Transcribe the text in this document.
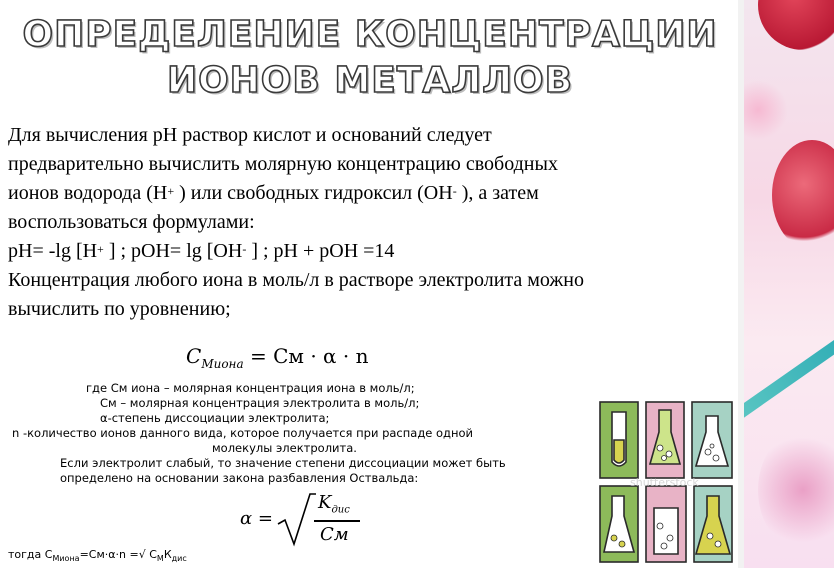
ОПРЕДЕЛЕНИЕ КОНЦЕНТРАЦИИ
ИОНОВ МЕТАЛЛОВ
Для вычисления pH раствор кислот и оснований следует
предварительно вычислить молярную концентрацию свободных
ионов водорода (H+ ) или свободных гидроксил (OH- ), а затем
воспользоваться формулами:
pH= -lg [H+ ] ; pOH= lg [OH- ] ; pH + pOH =14
Концентрация любого иона в моль/л в растворе электролита можно
вычислить по уровнению;
$C_{Миона}$ = См · α · n
где См иона – молярная концентрация иона в моль/л;
См – молярная концентрация электролита в моль/л;
α-степень диссоциации электролита;
n -количество ионов данного вида, которое получается при распаде одной
молекулы электролита.
Если электролит слабый, то значение степени диссоциации может быть
определено на основании закона разбавления Оствальда:
α =
$K_{дис}$
См
тогда $С_{Миона}=См\cdot\alpha\cdot n$ =√ $С_МК_{дис}$
shutterstock
